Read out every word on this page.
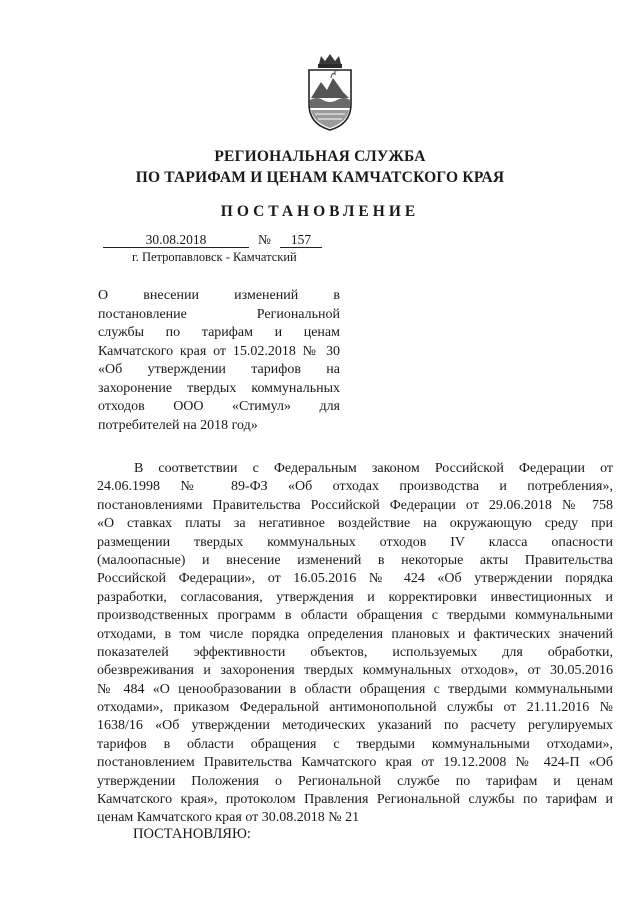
РЕГИОНАЛЬНАЯ СЛУЖБА
ПО ТАРИФАМ И ЦЕНАМ КАМЧАТСКОГО КРАЯ
ПОСТАНОВЛЕНИЕ
30.08.2018	№	157
г. Петропавловск - Камчатский
О внесении изменений в
постановление Региональной
службы по тарифам и ценам
Камчатского края от 15.02.2018 № 30
«Об утверждении тарифов на
захоронение твердых коммунальных
отходов ООО «Стимул» для
потребителей на 2018 год»
В соответствии с Федеральным законом Российской Федерации от
24.06.1998 № 89-ФЗ «Об отходах производства и потребления»,
постановлениями Правительства Российской Федерации от 29.06.2018 № 758
«О ставках платы за негативное воздействие на окружающую среду при
размещении твердых коммунальных отходов IV класса опасности
(малоопасные) и внесение изменений в некоторые акты Правительства
Российской Федерации», от 16.05.2016 № 424 «Об утверждении порядка
разработки, согласования, утверждения и корректировки инвестиционных и
производственных программ в области обращения с твердыми коммунальными
отходами, в том числе порядка определения плановых и фактических значений
показателей эффективности объектов, используемых для обработки,
обезвреживания и захоронения твердых коммунальных отходов», от 30.05.2016
№ 484 «О ценообразовании в области обращения с твердыми коммунальными
отходами», приказом Федеральной антимонопольной службы от 21.11.2016 №
1638/16 «Об утверждении методических указаний по расчету регулируемых
тарифов в области обращения с твердыми коммунальными отходами»,
постановлением Правительства Камчатского края от 19.12.2008 № 424-П «Об
утверждении Положения о Региональной службе по тарифам и ценам
Камчатского края», протоколом Правления Региональной службы по тарифам и
ценам Камчатского края от 30.08.2018 № 21
ПОСТАНОВЛЯЮ:
